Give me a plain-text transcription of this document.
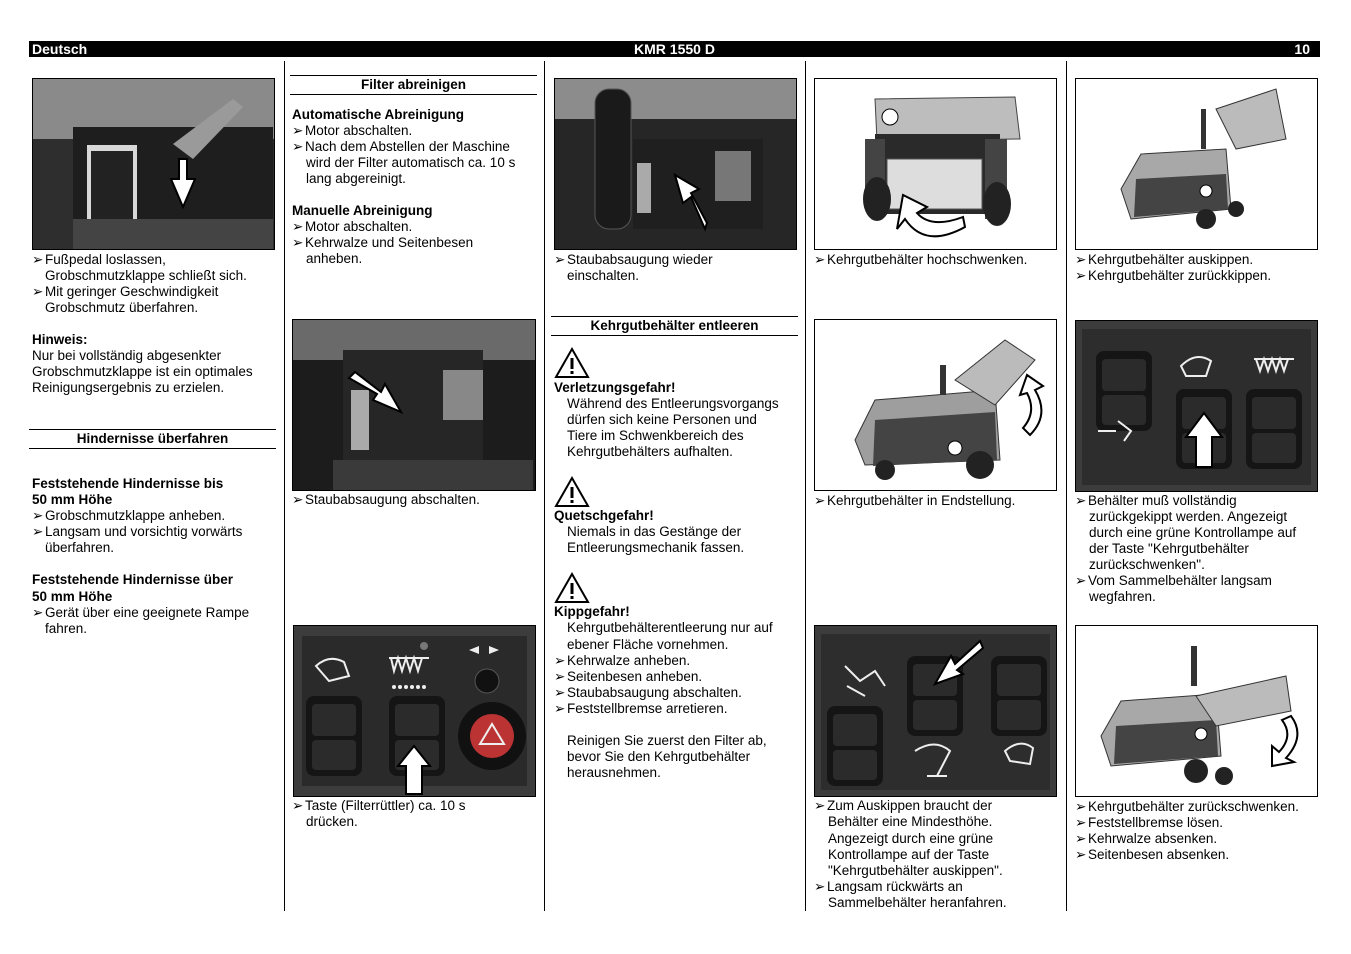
Deutsch	KMR 1550 D	10
➢ Fußpedal loslassen,
Grobschmutzklappe schließt sich.
➢ Mit geringer Geschwindigkeit
Grobschmutz überfahren.
Hinweis:
Nur bei vollständig abgesenkter
Grobschmutzklappe ist ein optimales
Reinigungsergebnis zu erzielen.
Hindernisse überfahren
Feststehende Hindernisse bis
50 mm Höhe
➢ Grobschmutzklappe anheben.
➢ Langsam und vorsichtig vorwärts
überfahren.
Feststehende Hindernisse über
50 mm Höhe
➢ Gerät über eine geeignete Rampe
fahren.
Filter abreinigen
Automatische Abreinigung
➢ Motor abschalten.
➢ Nach dem Abstellen der Maschine
wird der Filter automatisch ca. 10 s
lang abgereinigt.
Manuelle Abreinigung
➢ Motor abschalten.
➢ Kehrwalze und Seitenbesen
anheben.
➢ Staubabsaugung abschalten.
➢ Taste (Filterrüttler) ca. 10 s
drücken.
➢ Staubabsaugung wieder
einschalten.
Kehrgutbehälter entleeren
Verletzungsgefahr!
Während des Entleerungsvorgangs
dürfen sich keine Personen und
Tiere im Schwenkbereich des
Kehrgutbehälters aufhalten.
Quetschgefahr!
Niemals in das Gestänge der
Entleerungsmechanik fassen.
Kippgefahr!
Kehrgutbehälterentleerung nur auf
ebener Fläche vornehmen.
➢ Kehrwalze anheben.
➢ Seitenbesen anheben.
➢ Staubabsaugung abschalten.
➢ Feststellbremse arretieren.
Reinigen Sie zuerst den Filter ab,
bevor Sie den Kehrgutbehälter
herausnehmen.
➢ Kehrgutbehälter hochschwenken.
➢ Kehrgutbehälter in Endstellung.
➢ Zum Auskippen braucht der
Behälter eine Mindesthöhe.
Angezeigt durch eine grüne
Kontrollampe auf der Taste
"Kehrgutbehälter auskippen".
➢ Langsam rückwärts an
Sammelbehälter heranfahren.
➢ Kehrgutbehälter auskippen.
➢ Kehrgutbehälter zurückkippen.
➢ Behälter muß vollständig
zurückgekippt werden. Angezeigt
durch eine grüne Kontrollampe auf
der Taste "Kehrgutbehälter
zurückschwenken".
➢ Vom Sammelbehälter langsam
wegfahren.
➢ Kehrgutbehälter zurückschwenken.
➢ Feststellbremse lösen.
➢ Kehrwalze absenken.
➢ Seitenbesen absenken.
